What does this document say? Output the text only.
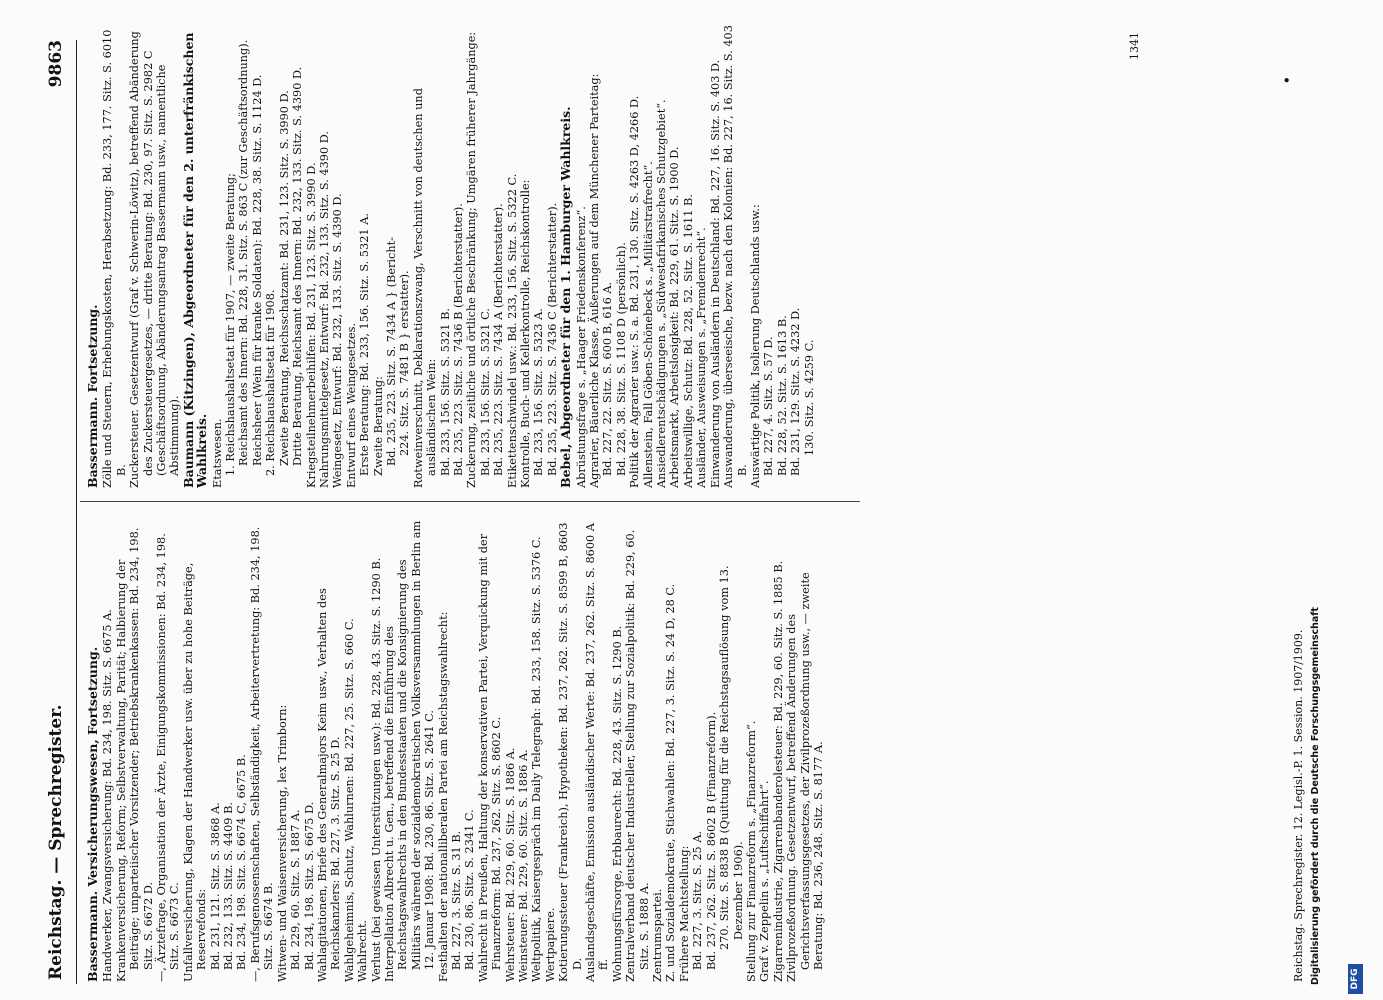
Reichstag. — Sprechregister.
9863

Bassermann. Versicherungswesen, Fortsetzung. Handwerker, Zwangsversicherung: Bd. 234, 198. Sitz. S. 6675 A. Krankenversicherung, Reform; Selbstverwaltung, Parität; Halbierung der Beiträge; unparteiischer Vorsitzender; Betriebskrankenkassen: Bd. 234, 198. Sitz. S. 6672 D. —, Ärztefrage, Organisation der Ärzte, Einigungskommissionen: Bd. 234, 198. Sitz. S. 6673 C. Unfallversicherung, Klagen der Handwerker usw. über zu hohe Beiträge, Reservefonds: Bd. 231, 121. Sitz. S. 3868 A. Bd. 232, 133. Sitz. S. 4409 B. Bd. 234, 198. Sitz. S. 6674 C, 6675 B. —, Berufsgenossenschaften, Selbständigkeit, Arbeitervertretung: Bd. 234, 198. Sitz. S. 6674 B. Witwen- und Waisenversicherung, lex Trimborn: Bd. 229, 60. Sitz. S. 1887 A. Bd. 234, 198. Sitz. S. 6675 D. Wahlagitationen, Briefe des Generalmajors Keim usw., Verhalten des Reichskanzlers: Bd. 227, 3. Sitz. S. 25 D. Wahlgeheimnis, Schutz, Wahlurnen: Bd. 227, 25. Sitz. S. 660 C. Wahlrecht. Verlust (bei gewissen Unterstützungen usw.): Bd. 228, 43. Sitz. S. 1290 B. Interpellation Albrecht u. Gen., betreffend die Einführung des Reichstagswahlrechts in den Bundesstaaten und die Konsignierung des Militärs während der sozialdemokratischen Volksversammlungen in Berlin am 12. Januar 1908: Bd. 230, 86. Sitz. S. 2641 C. Festhalten der nationalliberalen Partei am Reichstagswahlrecht: Bd. 227, 3. Sitz. S. 31 B. Bd. 230, 86. Sitz. S. 2341 C. Wahlrecht in Preußen, Haltung der konservativen Partei, Verquickung mit der Finanzreform: Bd. 237, 262. Sitz. S. 8602 C. Wehrsteuer: Bd. 229, 60. Sitz. S. 1886 A. Weinsteuer: Bd. 229, 60. Sitz. S. 1886 A. Weltpolitik, Kaisergespräch im Daily Telegraph: Bd. 233, 158. Sitz. S. 5376 C. Wertpapiere. Kotierungssteuer (Frankreich), Hypotheken: Bd. 237, 262. Sitz. S. 8599 B, 8603 D. Auslandsgeschäfte, Emission ausländischer Werte: Bd. 237, 262. Sitz. S. 8600 A ff. Wohnungsfürsorge, Erbbaurecht: Bd. 228, 43. Sitz. S. 1290 B. Zentralverband deutscher Industrieller, Stellung zur Sozialpolitik: Bd. 229, 60. Sitz. S. 1888 A. Zentrumspartei. Z. und Sozialdemokratie, Stichwahlen: Bd. 227, 3. Sitz. S. 24 D, 28 C. Frühere Machtstellung: Bd. 227, 3. Sitz. S. 25 A. Bd. 237, 262. Sitz. S. 8602 B (Finanzreform). 270. Sitz. S. 8838 B (Quittung für die Reichstagsauflösung vom 13. Dezember 1906). Stellung zur Finanzreform s. „Finanzreform“. Graf v. Zeppelin s. „Luftschiffahrt“. Zigarrenindustrie, Zigarrenbanderolesteuer: Bd. 229, 60. Sitz. S. 1885 B. Zivilprozeßordnung. Gesetzentwurf, betreffend Änderungen des Gerichtsverfassungsgesetzes, der Zivilprozeßordnung usw., — zweite Beratung: Bd. 236, 248. Sitz. S. 8177 A.

Bassermann. Fortsetzung. Zölle und Steuern, Erhebungskosten, Herabsetzung: Bd. 233, 177. Sitz. S. 6010 B. Zuckersteuer. Gesetzentwurf (Graf v. Schwerin-Löwitz), betreffend Abänderung des Zuckersteuergesetzes, — dritte Beratung: Bd. 230, 97. Sitz. S. 2982 C (Geschäftsordnung, Abänderungsantrag Bassermann usw., namentliche Abstimmung). Baumann (Kitzingen), Abgeordneter für den 2. unterfränkischen Wahlkreis. Etatswesen. 1. Reichshaushaltsetat für 1907, — zweite Beratung; Reichsamt des Innern: Bd. 228, 31. Sitz. S. 863 C (zur Geschäftsordnung). Reichsheer (Wein für kranke Soldaten): Bd. 228, 38. Sitz. S. 1124 D. 2. Reichshaushaltsetat für 1908. Zweite Beratung, Reichsschatzamt: Bd. 231, 123. Sitz. S. 3990 D. Dritte Beratung, Reichsamt des Innern: Bd. 232, 133. Sitz. S. 4390 D. Kriegsteilnehmerbeihilfen: Bd. 231, 123. Sitz. S. 3990 D. Nahrungsmittelgesetz, Entwurf: Bd. 232, 133. Sitz. S. 4390 D. Weingesetz, Entwurf: Bd. 232, 133. Sitz. S. 4390 D. Entwurf eines Weingesetzes. Erste Beratung: Bd. 233, 156. Sitz. S. 5321 A. Zweite Beratung: Bd. 235, 223. Sitz. S. 7434 A } (Bericht- 224. Sitz. S. 7481 B } erstatter). Rotweinverschnitt, Deklarationszwang, Verschnitt von deutschen und ausländischen Wein: Bd. 233, 156. Sitz. S. 5321 B. Bd. 235, 223. Sitz. S. 7436 B (Berichterstatter). Zuckerung, zeitliche und örtliche Beschränkung; Umgären früherer Jahrgänge: Bd. 233, 156. Sitz. S. 5321 C. Bd. 235, 223. Sitz. S. 7434 A (Berichterstatter). Etikettenschwindel usw.: Bd. 233, 156. Sitz. S. 5322 C. Kontrolle, Buch- und Kellerkontrolle, Reichskontrolle: Bd. 233, 156. Sitz. S. 5323 A. Bd. 235, 223. Sitz. S. 7436 C (Berichterstatter). Bebel, Abgeordneter für den 1. Hamburger Wahlkreis. Abrüstungsfrage s. „Haager Friedenskonferenz“. Agrarier, Bäuerliche Klasse, Äußerungen auf dem Münchener Parteitag: Bd. 227, 22. Sitz. S. 600 B, 616 A. Bd. 228, 38. Sitz. S. 1108 D (persönlich). Politik der Agrarier usw.: S. a. Bd. 231, 130. Sitz. S. 4263 D, 4266 D. Allenstein, Fall Göben-Schönebeck s. „Militärstrafrecht“. Ansiedlerentschädigungen s. „Südwestafrikanisches Schutzgebiet“. Arbeitsmarkt, Arbeitslosigkeit: Bd. 229, 61. Sitz. S. 1900 D. Arbeitswillige, Schutz: Bd. 228, 52. Sitz. S. 1611 B. Ausländer, Ausweisungen s. „Fremdenrecht“. Einwanderung von Ausländern in Deutschland: Bd. 227, 16. Sitz. S. 403 D. Auswanderung, überseeische, bezw. nach den Kolonien: Bd. 227, 16. Sitz. S. 403 B. Auswärtige Politik, Isolierung Deutschlands usw.: Bd. 227, 4. Sitz. S. 57 D. Bd. 228, 52. Sitz. S. 1613 B. Bd. 231, 129. Sitz. S. 4232 D. 130. Sitz. S. 4259 C.

Reichstag. Sprechregister. 12. Legisl.-P. 1. Session. 1907/1909.
1341
•
Digitalisierung gefördert durch die Deutsche Forschungsgemeinschaft	DFG
